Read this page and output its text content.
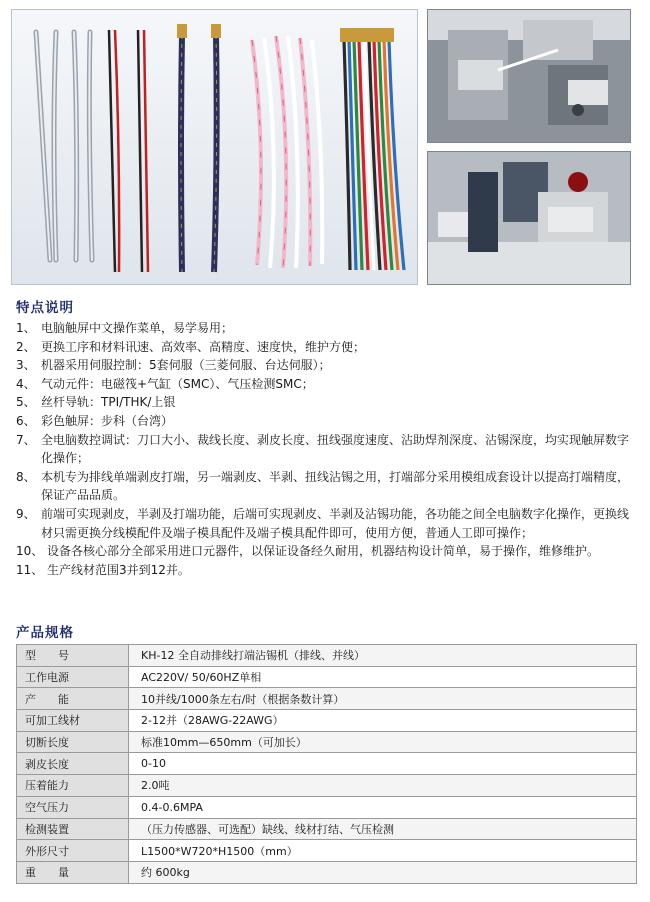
特点说明
1、 电脑触屏中文操作菜单，易学易用；
2、 更换工序和材料讯速、高效率、高精度、速度快，维护方便；
3、 机器采用伺服控制：5套伺服（三菱伺服、台达伺服）；
4、 气动元件：电磁筏+气缸（SMC）、气压检测SMC；
5、 丝杆导轨：TPI/THK/上银
6、 彩色触屏：步科（台湾）
7、 全电脑数控调试：刀口大小、裁线长度、剥皮长度、扭线强度速度、沾助焊剂深度、沾锡深度，均实现触屏数字化操作；
8、 本机专为排线单端剥皮打端，另一端剥皮、半剥、扭线沾锡之用，打端部分采用模组成套设计以提高打端精度，保证产品品质。
9、 前端可实现剥皮，半剥及打端功能，后端可实现剥皮、半剥及沾锡功能，各功能之间全电脑数字化操作，更换线材只需更换分线模配件及端子模具配件及端子模具配件即可，使用方便，普通人工即可操作；
10、 设备各核心部分全部采用进口元器件，以保证设备经久耐用，机器结构设计简单，易于操作，维修维护。
11、 生产线材范围3并到12并。
产品规格
型　　号	KH-12 全自动排线打端沾锡机（排线、并线）
工作电源	AC220V/ 50/60HZ单相
产　　能	10并线/1000条左右/时（根据条数计算）
可加工线材	2-12并（28AWG-22AWG）
切断长度	标准10mm—650mm（可加长）
剥皮长度	0-10
压着能力	2.0吨
空气压力	0.4-0.6MPA
检测装置	（压力传感器、可选配）缺线、线材打结、气压检测
外形尺寸	L1500*W720*H1500（mm）
重　　量	约 600kg
